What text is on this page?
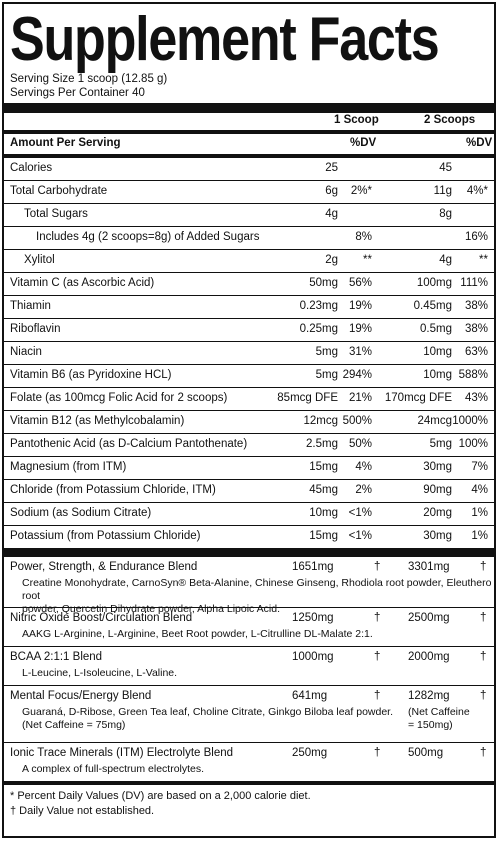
Supplement Facts
Serving Size 1 scoop (12.85 g)
Servings Per Container 40
1 Scoop	2 Scoops
Amount Per Serving	%DV	%DV
Calories	25	45
Total Carbohydrate	6g 2%*	11g 4%*
Total Sugars	4g	8g
Includes 4g (2 scoops=8g) of Added Sugars	8%	16%
Xylitol	2g **	4g **
Vitamin C (as Ascorbic Acid)	50mg 56%	100mg 111%
Thiamin	0.23mg 19%	0.45mg 38%
Riboflavin	0.25mg 19%	0.5mg 38%
Niacin	5mg 31%	10mg 63%
Vitamin B6 (as Pyridoxine HCL)	5mg 294%	10mg 588%
Folate (as 100mcg Folic Acid for 2 scoops)	85mcg DFE 21% 170mcg DFE 43%
Vitamin B12 (as Methylcobalamin)	12mcg 500%	24mcg 1000%
Pantothenic Acid (as D-Calcium Pantothenate)	2.5mg 50%	5mg 100%
Magnesium (from ITM)	15mg 4%	30mg 7%
Chloride (from Potassium Chloride, ITM)	45mg 2%	90mg 4%
Sodium (as Sodium Citrate)	10mg <1%	20mg 1%
Potassium (from Potassium Chloride)	15mg <1%	30mg 1%
Power, Strength, & Endurance Blend	1651mg	† 3301mg	†
Creatine Monohydrate, CarnoSyn® Beta-Alanine, Chinese Ginseng, Rhodiola root powder, Eleuthero root
powder, Quercetin Dihydrate powder, Alpha Lipoic Acid.
Nitric Oxide Boost/Circulation Blend	1250mg	† 2500mg	†
AAKG L-Arginine, L-Arginine, Beet Root powder, L-Citrulline DL-Malate 2:1.
BCAA 2:1:1 Blend	1000mg	† 2000mg	†
L-Leucine, L-Isoleucine, L-Valine.
Mental Focus/Energy Blend	641mg	† 1282mg	†
Guaraná, D-Ribose, Green Tea leaf, Choline Citrate, Ginkgo Biloba leaf powder.
(Net Caffeine = 75mg)
(Net Caffeine
= 150mg)
Ionic Trace Minerals (ITM) Electrolyte Blend	250mg	† 500mg	†
A complex of full-spectrum electrolytes.
* Percent Daily Values (DV) are based on a 2,000 calorie diet.
† Daily Value not established.
